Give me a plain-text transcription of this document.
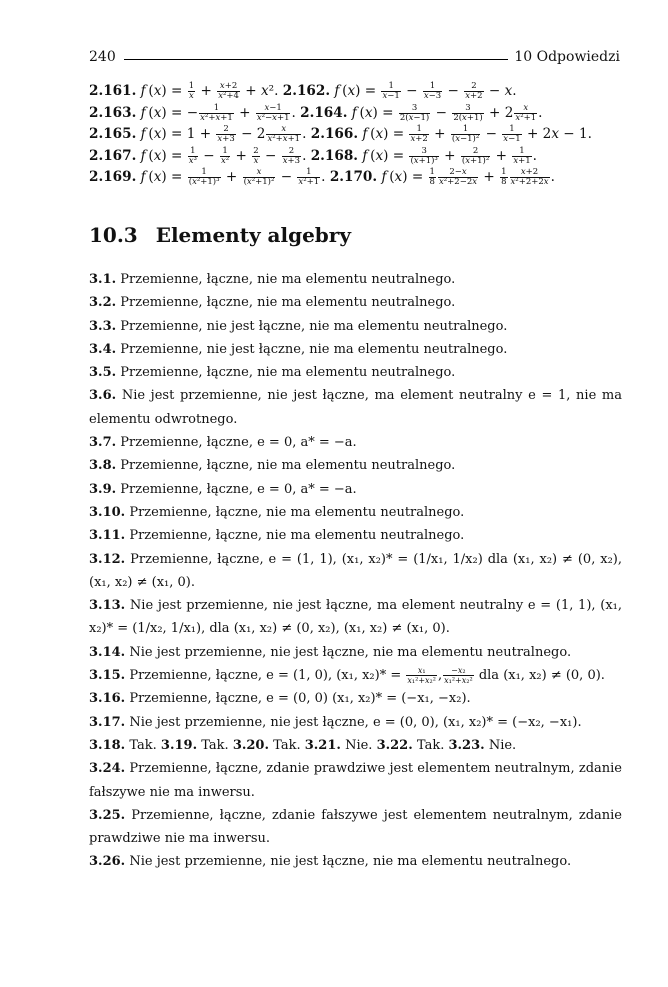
240	10 Odpowiedzi
2.161. f $(x) = \frac{1}{x} + \frac{x+2}{\text{x²+4}} + x^2$. 2.162. f $(x) = \frac{1}{x-1} - \frac{1}{x-3} - \frac{2}{x+2} - x$.
2.163. f (x) = − $\frac{1}{\text{x²+x+1}} + \frac{x-1}{\text{x²−x+1}}$ . 2.164. f $(x) = \frac{3}{2(x-1)} - \frac{3}{2(x+1)} + 2 \frac{x}{\text{x²+1}}$ .
2.165. f $(x) = 1 + \frac{2}{x+3} - 2 \frac{x}{\text{x²+x+1}}$ . 2.166. f $(x) = \frac{1}{x+2} + \frac{1}{\text{(x−1)²}} - \frac{1}{x-1} + 2x - 1$.
2.167. f $(x) = \frac{1}{\text{x³}} - \frac{1}{\text{x²}} + \frac{2}{x} - \frac{2}{x+3}$ . 2.168. f $(x) = \frac{3}{\text{(x+1)³}} + \frac{2}{\text{(x+1)²}} + \frac{1}{x+1}$ .
2.169. f $(x) = \frac{1}{\text{(x²+1)³}} + \frac{x}{\text{(x²+1)²}} - \frac{1}{\text{x²+1}}$ . 2.170. f $(x) = \frac{1}{8} \frac{2-x}{\text{x²+2−2x}} + \frac{1}{8} \frac{x+2}{\text{x²+2+2x}}$ .
10.3 Elementy algebry
3.1. Przemienne, łączne, nie ma elementu neutralnego.
3.2. Przemienne, łączne, nie ma elementu neutralnego.
3.3. Przemienne, nie jest łączne, nie ma elementu neutralnego.
3.4. Przemienne, nie jest łączne, nie ma elementu neutralnego.
3.5. Przemienne, łączne, nie ma elementu neutralnego.
3.6. Nie jest przemienne, nie jest łączne, ma element neutralny e = 1, nie ma elementu odwrotnego.
3.7. Przemienne, łączne, e = 0, a* = −a.
3.8. Przemienne, łączne, nie ma elementu neutralnego.
3.9. Przemienne, łączne, e = 0, a* = −a.
3.10. Przemienne, łączne, nie ma elementu neutralnego.
3.11. Przemienne, łączne, nie ma elementu neutralnego.
3.12. Przemienne, łączne, e = (1, 1), (x₁, x₂)* = (1/x₁, 1/x₂) dla (x₁, x₂) ≠ (0, x₂), (x₁, x₂) ≠ (x₁, 0).
3.13. Nie jest przemienne, nie jest łączne, ma element neutralny e = (1, 1), (x₁, x₂)* = (1/x₂, 1/x₁), dla (x₁, x₂) ≠ (0, x₂), (x₁, x₂) ≠ (x₁, 0).
3.14. Nie jest przemienne, nie jest łączne, nie ma elementu neutralnego.
3.15. Przemienne, łączne, e = (1, 0), (x₁, $x_2)* = \frac{\text{x₁}}{\text{x₁²+x₂²}}$ , $\frac{\text{−x₂}}{\text{x₁²+x₂²}}$ dla (x₁, x₂) ≠ (0, 0).
3.16. Przemienne, łączne, e = (0, 0) (x₁, x₂)* = (−x₁, −x₂).
3.17. Nie jest przemienne, nie jest łączne, e = (0, 0), (x₁, x₂)* = (−x₂, −x₁).
3.18. Tak. 3.19. Tak. 3.20. Tak. 3.21. Nie. 3.22. Tak. 3.23. Nie.
3.24. Przemienne, łączne, zdanie prawdziwe jest elementem neutralnym, zdanie fałszywe nie ma inwersu.
3.25. Przemienne, łączne, zdanie fałszywe jest elementem neutralnym, zdanie prawdziwe nie ma inwersu.
3.26. Nie jest przemienne, nie jest łączne, nie ma elementu neutralnego.
